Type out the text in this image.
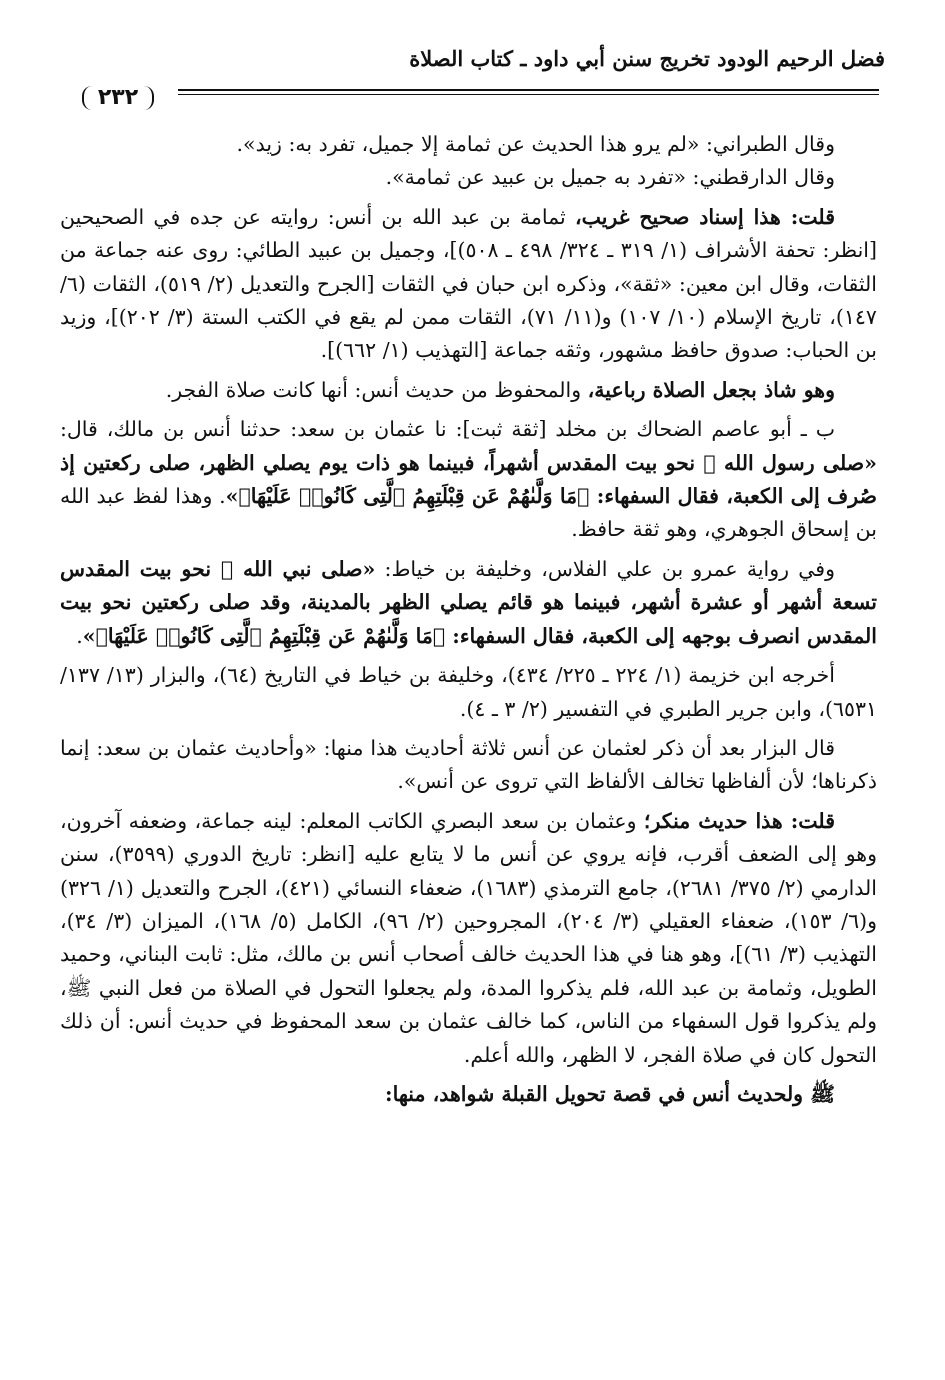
فضل الرحيم الودود تخريج سنن أبي داود ـ كتاب الصلاة
٢٣٢

وقال الطبراني: «لم يرو هذا الحديث عن ثمامة إلا جميل، تفرد به: زيد».

وقال الدارقطني: «تفرد به جميل بن عبيد عن ثمامة».

قلت: هذا إسناد صحيح غريب، ثمامة بن عبد الله بن أنس: روايته عن جده في الصحيحين [انظر: تحفة الأشراف (١/ ٣١٩ ـ ٣٢٤/ ٤٩٨ ـ ٥٠٨)]، وجميل بن عبيد الطائي: روى عنه جماعة من الثقات، وقال ابن معين: «ثقة»، وذكره ابن حبان في الثقات [الجرح والتعديل (٢/ ٥١٩)، الثقات (٦/ ١٤٧)، تاريخ الإسلام (١٠/ ١٠٧) و(١١/ ٧١)، الثقات ممن لم يقع في الكتب الستة (٣/ ٢٠٢)]، وزيد بن الحباب: صدوق حافظ مشهور، وثقه جماعة [التهذيب (١/ ٦٦٢)].

وهو شاذ بجعل الصلاة رباعية، والمحفوظ من حديث أنس: أنها كانت صلاة الفجر.

ب ـ أبو عاصم الضحاك بن مخلد [ثقة ثبت]: نا عثمان بن سعد: حدثنا أنس بن مالك، قال: «صلى رسول الله ﷺ نحو بيت المقدس أشهراً، فبينما هو ذات يوم يصلي الظهر، صلى ركعتين إذ صُرف إلى الكعبة، فقال السفهاء: ﴿مَا وَلَّىٰهُمْ عَن قِبْلَتِهِمُ ٱلَّتِى كَانُوا۟ عَلَيْهَا﴾». وهذا لفظ عبد الله بن إسحاق الجوهري، وهو ثقة حافظ.

وفي رواية عمرو بن علي الفلاس، وخليفة بن خياط: «صلى نبي الله ﷺ نحو بيت المقدس تسعة أشهر أو عشرة أشهر، فبينما هو قائم يصلي الظهر بالمدينة، وقد صلى ركعتين نحو بيت المقدس انصرف بوجهه إلى الكعبة، فقال السفهاء: ﴿مَا وَلَّىٰهُمْ عَن قِبْلَتِهِمُ ٱلَّتِى كَانُوا۟ عَلَيْهَا﴾».

أخرجه ابن خزيمة (١/ ٢٢٤ ـ ٢٢٥/ ٤٣٤)، وخليفة بن خياط في التاريخ (٦٤)، والبزار (١٣/ ١٣٧/ ٦٥٣١)، وابن جرير الطبري في التفسير (٢/ ٣ ـ ٤).

قال البزار بعد أن ذكر لعثمان عن أنس ثلاثة أحاديث هذا منها: «وأحاديث عثمان بن سعد: إنما ذكرناها؛ لأن ألفاظها تخالف الألفاظ التي تروى عن أنس».

قلت: هذا حديث منكر؛ وعثمان بن سعد البصري الكاتب المعلم: لينه جماعة، وضعفه آخرون، وهو إلى الضعف أقرب، فإنه يروي عن أنس ما لا يتابع عليه [انظر: تاريخ الدوري (٣٥٩٩)، سنن الدارمي (٢/ ٣٧٥/ ٢٦٨١)، جامع الترمذي (١٦٨٣)، ضعفاء النسائي (٤٢١)، الجرح والتعديل (١/ ٣٢٦) و(٦/ ١٥٣)، ضعفاء العقيلي (٣/ ٢٠٤)، المجروحين (٢/ ٩٦)، الكامل (٥/ ١٦٨)، الميزان (٣/ ٣٤)، التهذيب (٣/ ٦١)]، وهو هنا في هذا الحديث خالف أصحاب أنس بن مالك، مثل: ثابت البناني، وحميد الطويل، وثمامة بن عبد الله، فلم يذكروا المدة، ولم يجعلوا التحول في الصلاة من فعل النبي ﷺ، ولم يذكروا قول السفهاء من الناس، كما خالف عثمان بن سعد المحفوظ في حديث أنس: أن ذلك التحول كان في صلاة الفجر، لا الظهر، والله أعلم.

ﷺ ولحديث أنس في قصة تحويل القبلة شواهد، منها:
